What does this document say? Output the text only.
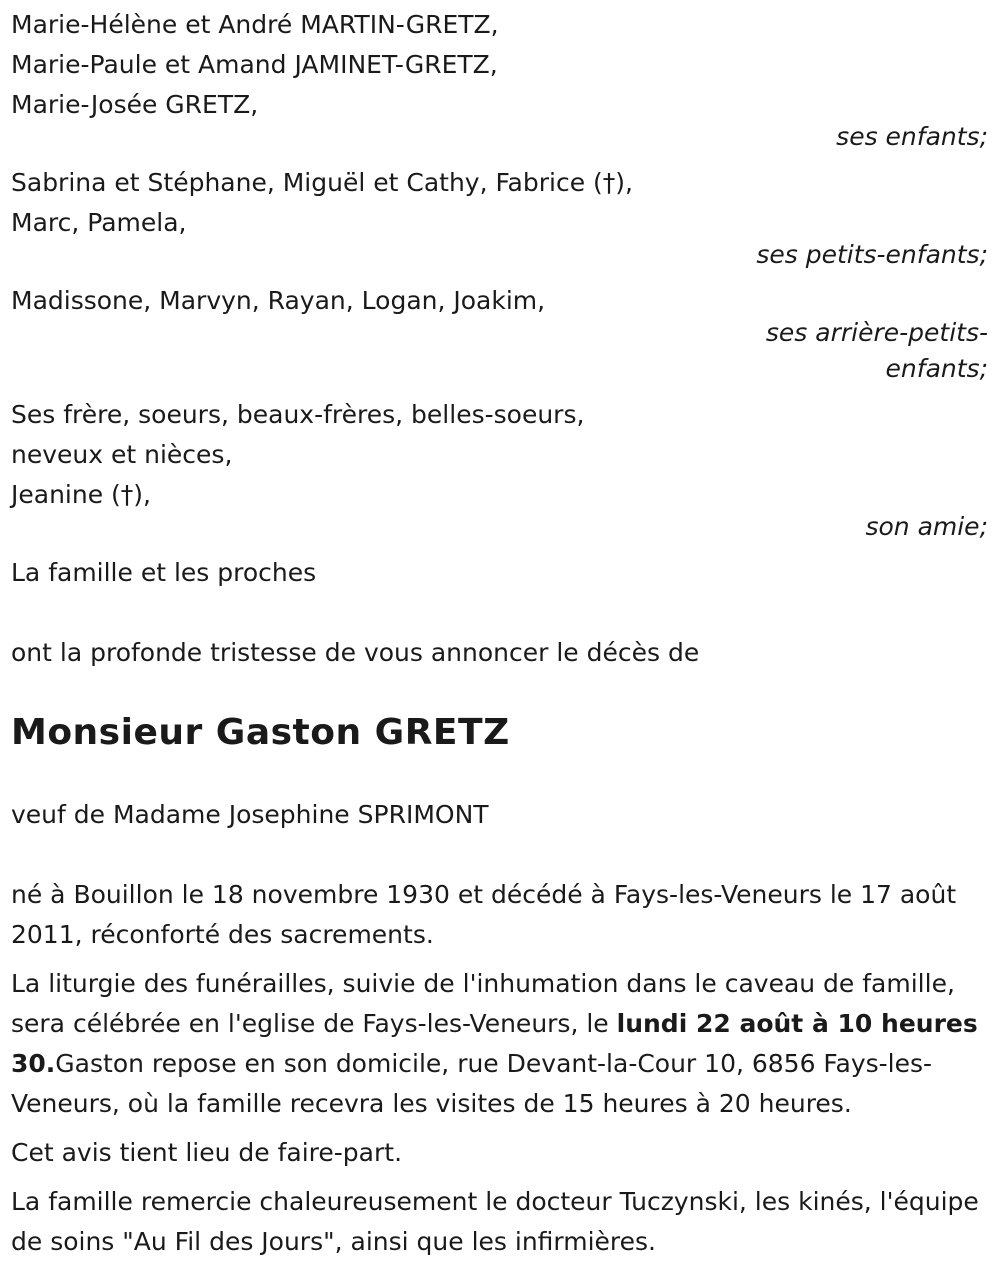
Marie-Hélène et André MARTIN-GRETZ,
Marie-Paule et Amand JAMINET-GRETZ,
Marie-Josée GRETZ,
ses enfants;
Sabrina et Stéphane, Miguël et Cathy, Fabrice (†),
Marc, Pamela,
ses petits-enfants;
Madissone, Marvyn, Rayan, Logan, Joakim,
ses arrière-petits-
enfants;
Ses frère, soeurs, beaux-frères, belles-soeurs,
neveux et nièces,
Jeanine (†),
son amie;
La famille et les proches
ont la profonde tristesse de vous annoncer le décès de
Monsieur Gaston GRETZ
veuf de Madame Josephine SPRIMONT

né à Bouillon le 18 novembre 1930 et décédé à Fays-les-Veneurs le 17 août 2011, réconforté des sacrements.

La liturgie des funérailles, suivie de l'inhumation dans le caveau de famille, sera célébrée en l'eglise de Fays-les-Veneurs, le lundi 22 août à 10 heures 30.Gaston repose en son domicile, rue Devant-la-Cour 10, 6856 Fays-les-Veneurs, où la famille recevra les visites de 15 heures à 20 heures.

Cet avis tient lieu de faire-part.

La famille remercie chaleureusement le docteur Tuczynski, les kinés, l'équipe de soins "Au Fil des Jours", ainsi que les infirmières.
